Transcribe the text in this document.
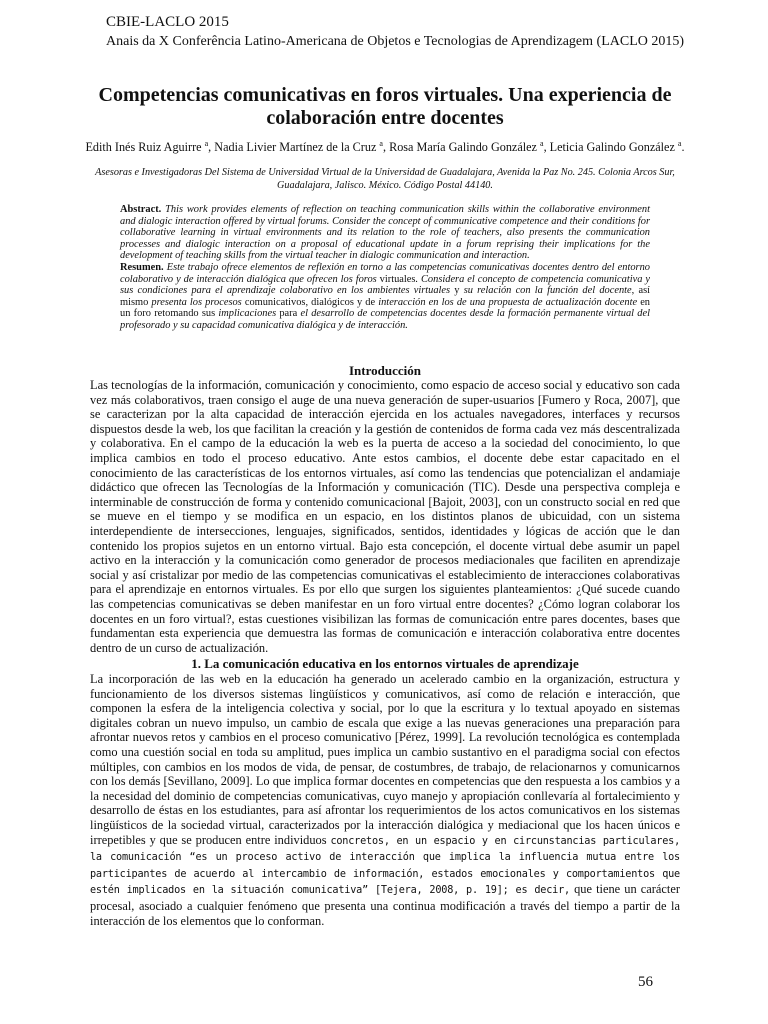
CBIE-LACLO 2015
Anais da X Conferência Latino-Americana de Objetos e Tecnologias de Aprendizagem (LACLO 2015)
Competencias comunicativas en foros virtuales. Una experiencia de colaboración entre docentes
Edith Inés Ruiz Aguirre $^a$, Nadia Livier Martínez de la Cruz $^a$, Rosa María Galindo González $^a$, Leticia Galindo González $^a$.
Asesoras e Investigadoras Del Sistema de Universidad Virtual de la Universidad de Guadalajara, Avenida la Paz No. 245. Colonia Arcos Sur, Guadalajara, Jalisco. México. Código Postal 44140.

Abstract. This work provides elements of reflection on teaching communication skills within the collaborative environment and dialogic interaction offered by virtual forums. Consider the concept of communicative competence and their conditions for collaborative learning in virtual environments and its relation to the role of teachers, also presents the communication processes and dialogic interaction on a proposal of educational update in a forum reprising their implications for the development of teaching skills from the virtual teacher in dialogic communication and interaction.

Resumen. Este trabajo ofrece elementos de reflexión en torno a las competencias comunicativas docentes dentro del entorno colaborativo y de interacción dialógica que ofrecen los foros virtuales. Considera el concepto de competencia comunicativa y sus condiciones para el aprendizaje colaborativo en los ambientes virtuales y su relación con la función del docente, así mismo presenta los procesos comunicativos, dialógicos y de interacción en los de una propuesta de actualización docente en un foro retomando sus implicaciones para el desarrollo de competencias docentes desde la formación permanente virtual del profesorado y su capacidad comunicativa dialógica y de interacción.

Introducción

Las tecnologías de la información, comunicación y conocimiento, como espacio de acceso social y educativo son cada vez más colaborativos, traen consigo el auge de una nueva generación de super-usuarios [Fumero y Roca, 2007], que se caracterizan por la alta capacidad de interacción ejercida en los actuales navegadores, interfaces y recursos dispuestos desde la web, los que facilitan la creación y la gestión de contenidos de forma cada vez más descentralizada y colaborativa. En el campo de la educación la web es la puerta de acceso a la sociedad del conocimiento, lo que implica cambios en todo el proceso educativo. Ante estos cambios, el docente debe estar capacitado en el conocimiento de las características de los entornos virtuales, así como las tendencias que potencializan el andamiaje didáctico que ofrecen las Tecnologías de la Información y comunicación (TIC). Desde una perspectiva compleja e interminable de construcción de forma y contenido comunicacional [Bajoit, 2003], con un constructo social en red que se mueve en el tiempo y se modifica en un espacio, en los distintos planos de ubicuidad, con un sistema interdependiente de intersecciones, lenguajes, significados, sentidos, identidades y lógicas de acción que le dan contenido los propios sujetos en un entorno virtual. Bajo esta concepción, el docente virtual debe asumir un papel activo en la interacción y la comunicación como generador de procesos mediacionales que faciliten en aprendizaje social y así cristalizar por medio de las competencias comunicativas el establecimiento de interacciones colaborativas para el aprendizaje en entornos virtuales. Es por ello que surgen los siguientes planteamientos: ¿Qué sucede cuando las competencias comunicativas se deben manifestar en un foro virtual entre docentes? ¿Cómo logran colaborar los docentes en un foro virtual?, estas cuestiones visibilizan las formas de comunicación entre pares docentes, bases que fundamentan esta experiencia que demuestra las formas de comunicación e interacción colaborativa entre docentes dentro de un curso de actualización.

1. La comunicación educativa en los entornos virtuales de aprendizaje

La incorporación de las web en la educación ha generado un acelerado cambio en la organización, estructura y funcionamiento de los diversos sistemas lingüísticos y comunicativos, así como de relación e interacción, que componen la esfera de la inteligencia colectiva y social, por lo que la escritura y lo textual apoyado en sistemas digitales cobran un nuevo impulso, un cambio de escala que exige a las nuevas generaciones una preparación para afrontar nuevos retos y cambios en el proceso comunicativo [Pérez, 1999]. La revolución tecnológica es contemplada como una cuestión social en toda su amplitud, pues implica un cambio sustantivo en el paradigma social con efectos múltiples, con cambios en los modos de vida, de pensar, de costumbres, de trabajo, de relacionarnos y comunicarnos con los demás [Sevillano, 2009]. Lo que implica formar docentes en competencias que den respuesta a los cambios y a la necesidad del dominio de competencias comunicativas, cuyo manejo y apropiación conllevaría al fortalecimiento y desarrollo de éstas en los estudiantes, para así afrontar los requerimientos de los actos comunicativos en los sistemas lingüísticos de la sociedad virtual, caracterizados por la interacción dialógica y mediacional que los hacen únicos e irrepetibles y que se producen entre individuos concretos, en un espacio y en circunstancias particulares, la comunicación “es un proceso activo de interacción que implica la influencia mutua entre los participantes de acuerdo al intercambio de información, estados emocionales y comportamientos que estén implicados en la situación comunicativa” [Tejera, 2008, p. 19]; es decir, que tiene un carácter procesal, asociado a cualquier fenómeno que presenta una continua modificación a través del tiempo a partir de la interacción de los elementos que lo conforman.

56
